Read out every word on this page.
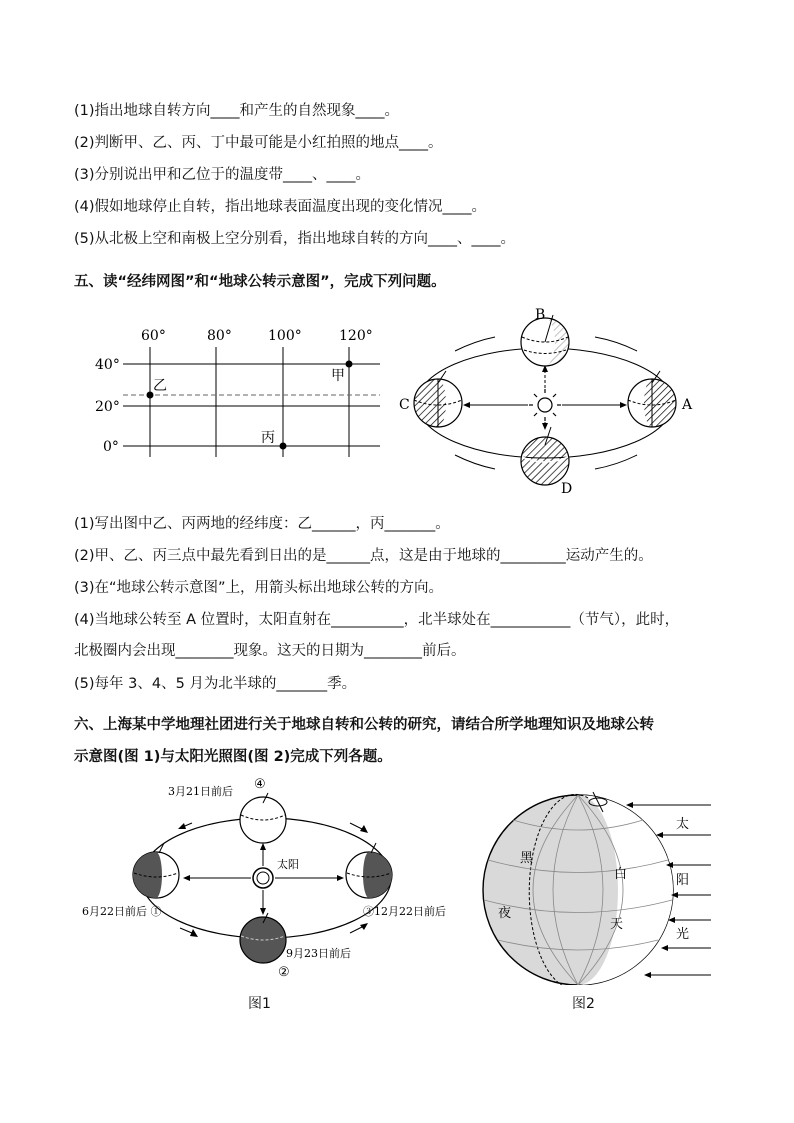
(1)指出地球自转方向____和产生的自然现象____。
(2)判断甲、乙、丙、丁中最可能是小红拍照的地点____。
(3)分别说出甲和乙位于的温度带____、____。
(4)假如地球停止自转，指出地球表面温度出现的变化情况____。
(5)从北极上空和南极上空分别看，指出地球自转的方向____、____。
五、读“经纬网图”和“地球公转示意图”，完成下列问题。
60°	80°	100°	120°
40°
20°
0°
甲
乙
丙
B
A
C
D
(1)写出图中乙、丙两地的经纬度：乙______，丙_______。
(2)甲、乙、丙三点中最先看到日出的是______点，这是由于地球的_________运动产生的。
(3)在“地球公转示意图”上，用箭头标出地球公转的方向。
(4)当地球公转至 A 位置时，太阳直射在__________，北半球处在___________（节气），此时，
北极圈内会出现________现象。这天的日期为________前后。
(5)每年 3、4、5 月为北半球的_______季。
六、上海某中学地理社团进行关于地球自转和公转的研究，请结合所学地理知识及地球公转
示意图(图 1)与太阳光照图(图 2)完成下列各题。
太阳
④
3月21日前后
6月22日前后 ①	③12月22日前后
9月23日前后
②
图1
黑
夜
白
天
太
阳
光
图2
